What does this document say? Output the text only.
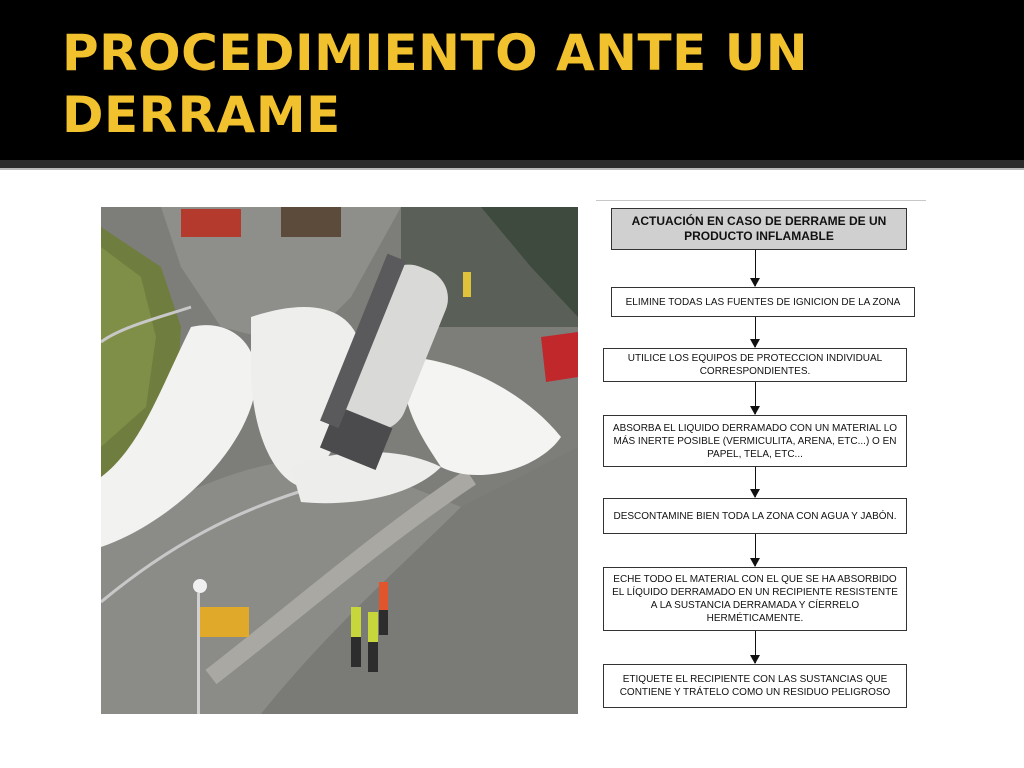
PROCEDIMIENTO ANTE UN
DERRAME
ACTUACIÓN EN CASO DE DERRAME DE UN PRODUCTO INFLAMABLE
ELIMINE TODAS LAS FUENTES DE IGNICION DE LA ZONA
UTILICE LOS EQUIPOS DE PROTECCION INDIVIDUAL CORRESPONDIENTES.
ABSORBA EL LIQUIDO DERRAMADO CON UN MATERIAL LO MÁS INERTE POSIBLE (VERMICULITA, ARENA, ETC...) O EN PAPEL, TELA, ETC...
DESCONTAMINE BIEN TODA LA ZONA CON AGUA Y JABÓN.
ECHE TODO EL MATERIAL CON EL QUE SE HA ABSORBIDO EL LÍQUIDO DERRAMADO EN UN RECIPIENTE RESISTENTE A LA SUSTANCIA DERRAMADA Y CÍERRELO HERMÉTICAMENTE.
ETIQUETE EL RECIPIENTE CON LAS SUSTANCIAS QUE CONTIENE Y TRÁTELO COMO UN RESIDUO PELIGROSO
